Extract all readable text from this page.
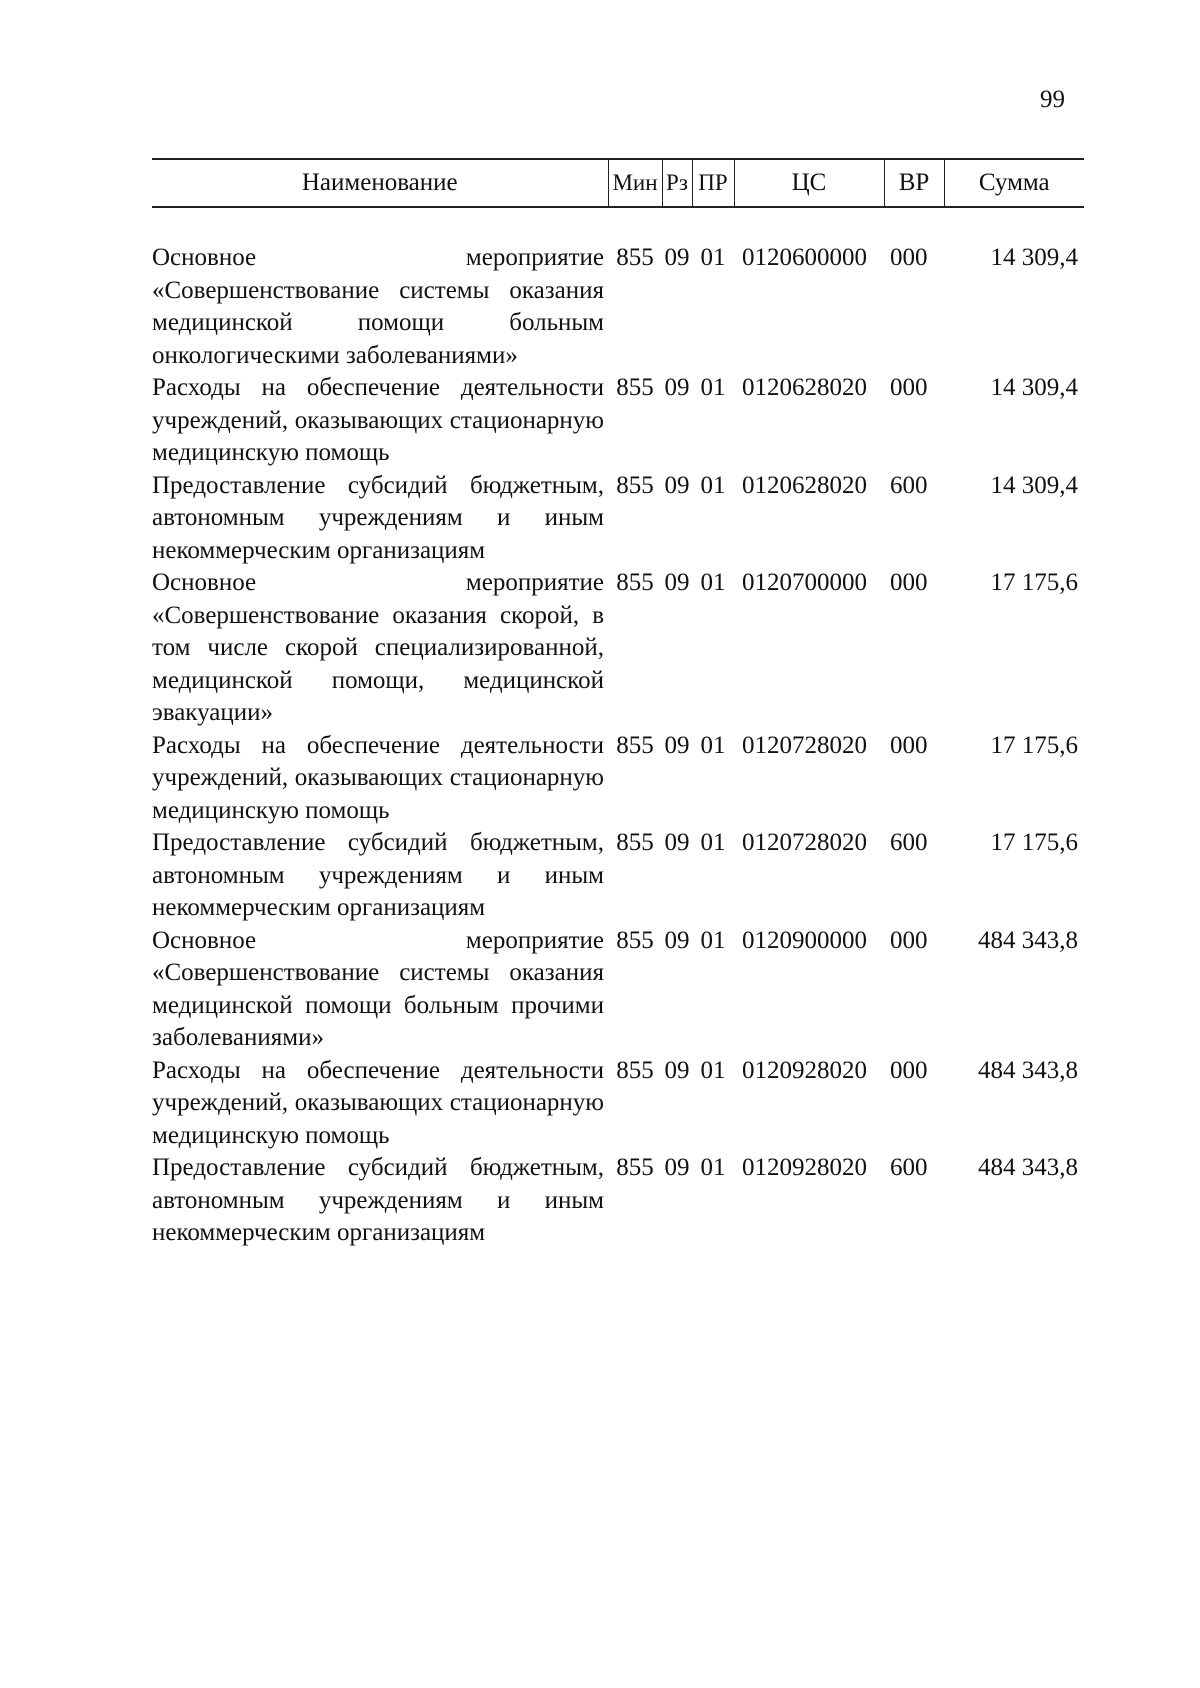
99
Наименование	Мин	Рз	ПР	ЦС	ВР	Сумма

Основное мероприятие «Совершенствование системы оказания медицинской помощи больным онкологическими заболеваниями»	855	09	01	0120600000	000	14 309,4
Расходы на обеспечение деятельности учреждений, оказывающих стационарную медицинскую помощь	855	09	01	0120628020	000	14 309,4
Предоставление субсидий бюджетным, автономным учреждениям и иным некоммерческим организациям	855	09	01	0120628020	600	14 309,4
Основное мероприятие «Совершенствование оказания скорой, в том числе скорой специализированной, медицинской помощи, медицинской эвакуации»	855	09	01	0120700000	000	17 175,6
Расходы на обеспечение деятельности учреждений, оказывающих стационарную медицинскую помощь	855	09	01	0120728020	000	17 175,6
Предоставление субсидий бюджетным, автономным учреждениям и иным некоммерческим организациям	855	09	01	0120728020	600	17 175,6
Основное мероприятие «Совершенствование системы оказания медицинской помощи больным прочими заболеваниями»	855	09	01	0120900000	000	484 343,8
Расходы на обеспечение деятельности учреждений, оказывающих стационарную медицинскую помощь	855	09	01	0120928020	000	484 343,8
Предоставление субсидий бюджетным, автономным учреждениям и иным некоммерческим организациям	855	09	01	0120928020	600	484 343,8
